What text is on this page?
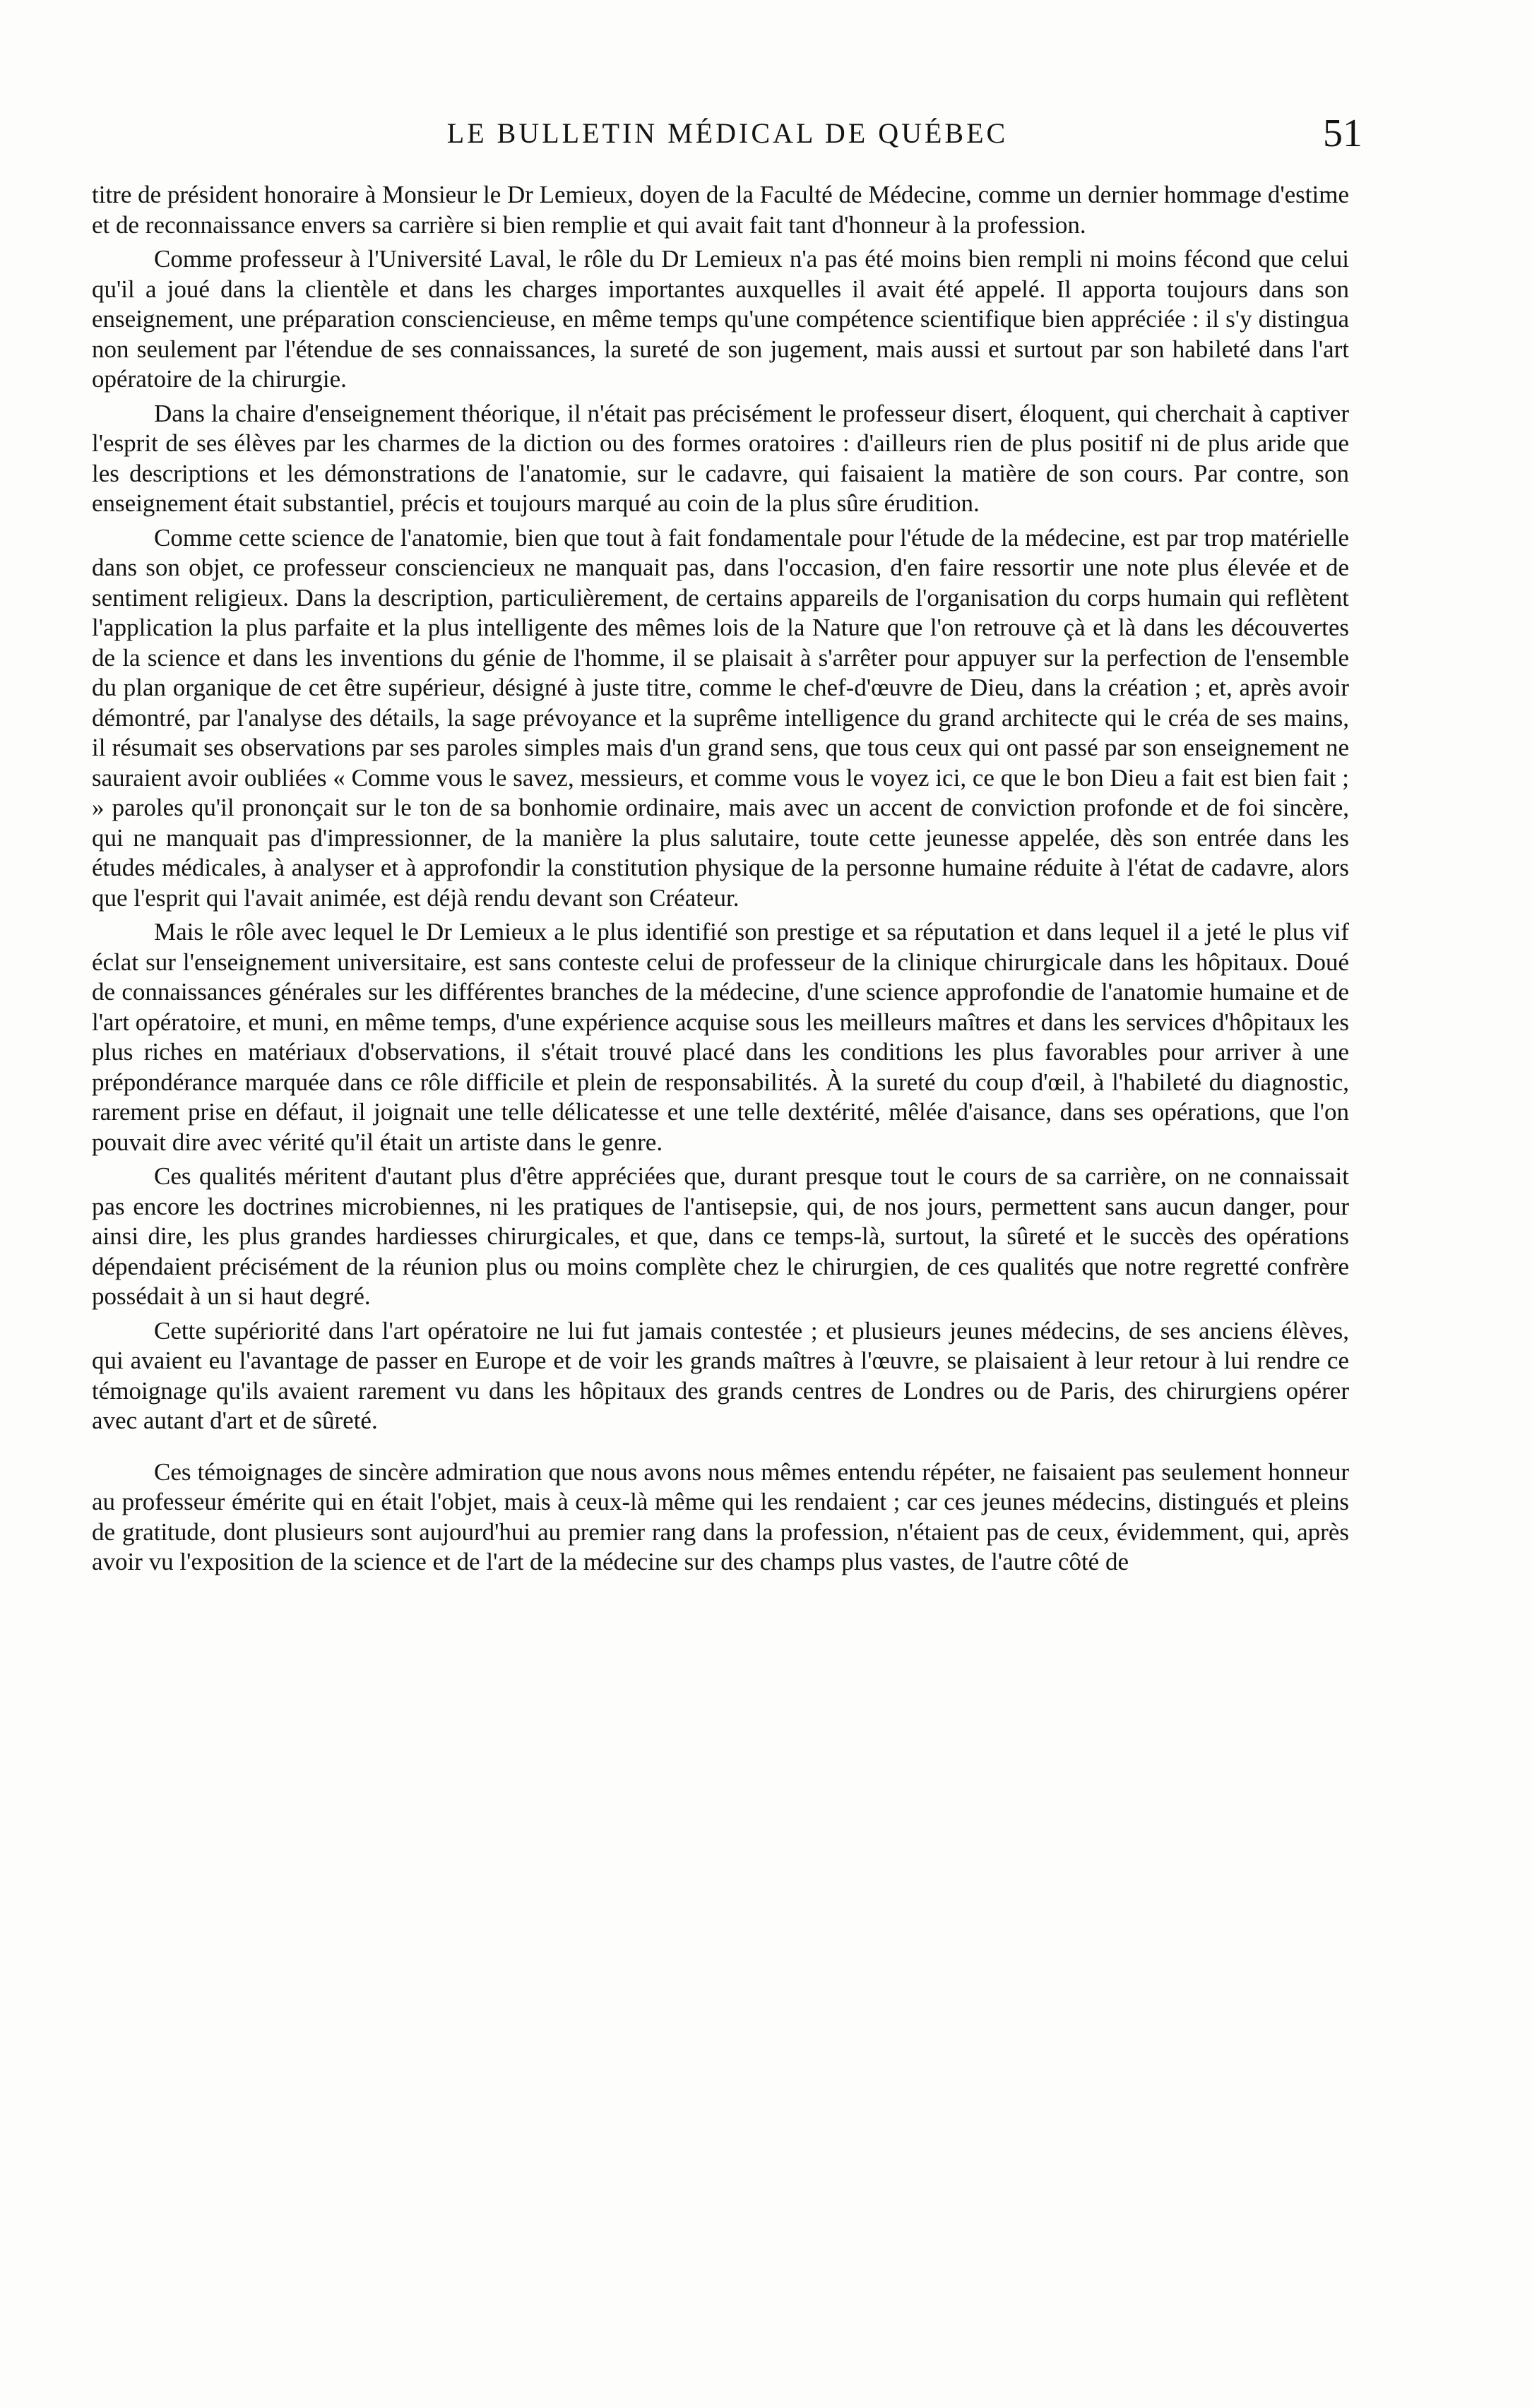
LE BULLETIN MÉDICAL DE QUÉBEC	51

titre de président honoraire à Monsieur le Dr Lemieux, doyen de la Faculté de Médecine, comme un dernier hommage d'estime et de reconnaissance envers sa carrière si bien remplie et qui avait fait tant d'honneur à la profession.

Comme professeur à l'Université Laval, le rôle du Dr Lemieux n'a pas été moins bien rempli ni moins fécond que celui qu'il a joué dans la clientèle et dans les charges importantes auxquelles il avait été appelé. Il apporta toujours dans son enseignement, une préparation consciencieuse, en même temps qu'une compétence scientifique bien appréciée : il s'y distingua non seulement par l'étendue de ses connaissances, la sureté de son jugement, mais aussi et surtout par son habileté dans l'art opératoire de la chirurgie.

Dans la chaire d'enseignement théorique, il n'était pas précisément le professeur disert, éloquent, qui cherchait à captiver l'esprit de ses élèves par les charmes de la diction ou des formes oratoires : d'ailleurs rien de plus positif ni de plus aride que les descriptions et les démonstrations de l'anatomie, sur le cadavre, qui faisaient la matière de son cours. Par contre, son enseignement était substantiel, précis et toujours marqué au coin de la plus sûre érudition.

Comme cette science de l'anatomie, bien que tout à fait fondamentale pour l'étude de la médecine, est par trop matérielle dans son objet, ce professeur consciencieux ne manquait pas, dans l'occasion, d'en faire ressortir une note plus élevée et de sentiment religieux. Dans la description, particulièrement, de certains appareils de l'organisation du corps humain qui reflètent l'application la plus parfaite et la plus intelligente des mêmes lois de la Nature que l'on retrouve çà et là dans les découvertes de la science et dans les inventions du génie de l'homme, il se plaisait à s'arrêter pour appuyer sur la perfection de l'ensemble du plan organique de cet être supérieur, désigné à juste titre, comme le chef-d'œuvre de Dieu, dans la création ; et, après avoir démontré, par l'analyse des détails, la sage prévoyance et la suprême intelligence du grand architecte qui le créa de ses mains, il résumait ses observations par ses paroles simples mais d'un grand sens, que tous ceux qui ont passé par son enseignement ne sauraient avoir oubliées « Comme vous le savez, messieurs, et comme vous le voyez ici, ce que le bon Dieu a fait est bien fait ; » paroles qu'il prononçait sur le ton de sa bonhomie ordinaire, mais avec un accent de conviction profonde et de foi sincère, qui ne manquait pas d'impressionner, de la manière la plus salutaire, toute cette jeunesse appelée, dès son entrée dans les études médicales, à analyser et à approfondir la constitution physique de la personne humaine réduite à l'état de cadavre, alors que l'esprit qui l'avait animée, est déjà rendu devant son Créateur.

Mais le rôle avec lequel le Dr Lemieux a le plus identifié son prestige et sa réputation et dans lequel il a jeté le plus vif éclat sur l'enseignement universitaire, est sans conteste celui de professeur de la clinique chirurgicale dans les hôpitaux. Doué de connaissances générales sur les différentes branches de la médecine, d'une science approfondie de l'anatomie humaine et de l'art opératoire, et muni, en même temps, d'une expérience acquise sous les meilleurs maîtres et dans les services d'hôpitaux les plus riches en matériaux d'observations, il s'était trouvé placé dans les conditions les plus favorables pour arriver à une prépondérance marquée dans ce rôle difficile et plein de responsabilités. À la sureté du coup d'œil, à l'habileté du diagnostic, rarement prise en défaut, il joignait une telle délicatesse et une telle dextérité, mêlée d'aisance, dans ses opérations, que l'on pouvait dire avec vérité qu'il était un artiste dans le genre.

Ces qualités méritent d'autant plus d'être appréciées que, durant presque tout le cours de sa carrière, on ne connaissait pas encore les doctrines microbiennes, ni les pratiques de l'antisepsie, qui, de nos jours, permettent sans aucun danger, pour ainsi dire, les plus grandes hardiesses chirurgicales, et que, dans ce temps-là, surtout, la sûreté et le succès des opérations dépendaient précisément de la réunion plus ou moins complète chez le chirurgien, de ces qualités que notre regretté confrère possédait à un si haut degré.

Cette supériorité dans l'art opératoire ne lui fut jamais contestée ; et plusieurs jeunes médecins, de ses anciens élèves, qui avaient eu l'avantage de passer en Europe et de voir les grands maîtres à l'œuvre, se plaisaient à leur retour à lui rendre ce témoignage qu'ils avaient rarement vu dans les hôpitaux des grands centres de Londres ou de Paris, des chirurgiens opérer avec autant d'art et de sûreté.

Ces témoignages de sincère admiration que nous avons nous mêmes entendu répéter, ne faisaient pas seulement honneur au professeur émérite qui en était l'objet, mais à ceux-là même qui les rendaient ; car ces jeunes médecins, distingués et pleins de gratitude, dont plusieurs sont aujourd'hui au premier rang dans la profession, n'étaient pas de ceux, évidemment, qui, après avoir vu l'exposition de la science et de l'art de la médecine sur des champs plus vastes, de l'autre côté de
